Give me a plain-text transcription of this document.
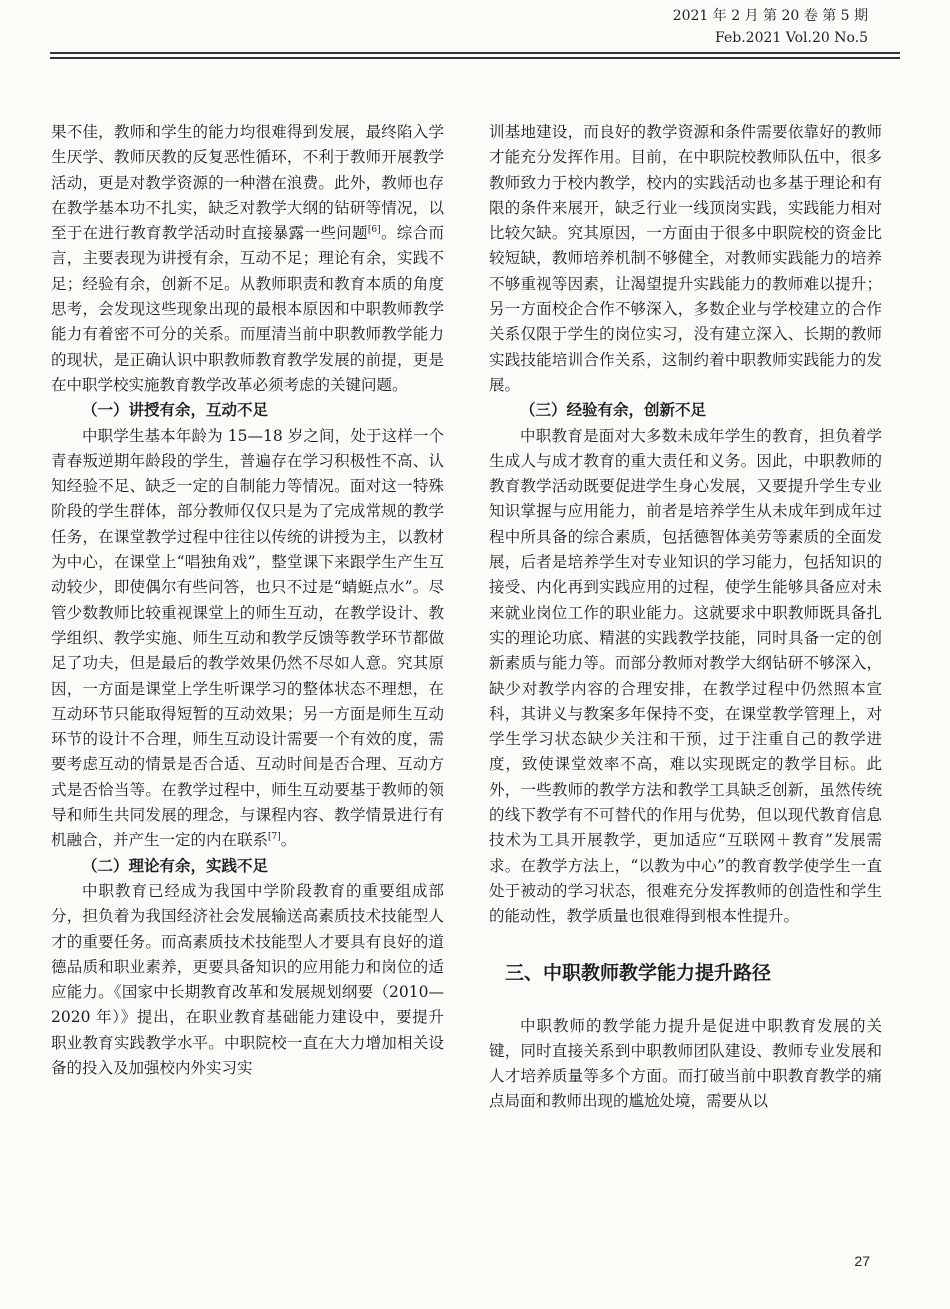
2021 年 2 月 第 20 卷 第 5 期
Feb.2021 Vol.20 No.5

果不佳，教师和学生的能力均很难得到发展，最终陷入学生厌学、教师厌教的反复恶性循环，不利于教师开展教学活动，更是对教学资源的一种潜在浪费。此外，教师也存在教学基本功不扎实，缺乏对教学大纲的钻研等情况，以至于在进行教育教学活动时直接暴露一些问题[6]。综合而言，主要表现为讲授有余，互动不足；理论有余，实践不足；经验有余，创新不足。从教师职责和教育本质的角度思考，会发现这些现象出现的最根本原因和中职教师教学能力有着密不可分的关系。而厘清当前中职教师教学能力的现状，是正确认识中职教师教育教学发展的前提，更是在中职学校实施教育教学改革必须考虑的关键问题。

（一）讲授有余，互动不足

中职学生基本年龄为 15—18 岁之间，处于这样一个青春叛逆期年龄段的学生，普遍存在学习积极性不高、认知经验不足、缺乏一定的自制能力等情况。面对这一特殊阶段的学生群体，部分教师仅仅只是为了完成常规的教学任务，在课堂教学过程中往往以传统的讲授为主，以教材为中心，在课堂上“唱独角戏”，整堂课下来跟学生产生互动较少，即使偶尔有些问答，也只不过是“蜻蜓点水”。尽管少数教师比较重视课堂上的师生互动，在教学设计、教学组织、教学实施、师生互动和教学反馈等教学环节都做足了功夫，但是最后的教学效果仍然不尽如人意。究其原因，一方面是课堂上学生听课学习的整体状态不理想，在互动环节只能取得短暂的互动效果；另一方面是师生互动环节的设计不合理，师生互动设计需要一个有效的度，需要考虑互动的情景是否合适、互动时间是否合理、互动方式是否恰当等。在教学过程中，师生互动要基于教师的领导和师生共同发展的理念，与课程内容、教学情景进行有机融合，并产生一定的内在联系[7]。

（二）理论有余，实践不足

中职教育已经成为我国中学阶段教育的重要组成部分，担负着为我国经济社会发展输送高素质技术技能型人才的重要任务。而高素质技术技能型人才要具有良好的道德品质和职业素养，更要具备知识的应用能力和岗位的适应能力。《国家中长期教育改革和发展规划纲要（2010—2020 年）》提出，在职业教育基础能力建设中，要提升职业教育实践教学水平。中职院校一直在大力增加相关设备的投入及加强校内外实习实

训基地建设，而良好的教学资源和条件需要依靠好的教师才能充分发挥作用。目前，在中职院校教师队伍中，很多教师致力于校内教学，校内的实践活动也多基于理论和有限的条件来展开，缺乏行业一线顶岗实践，实践能力相对比较欠缺。究其原因，一方面由于很多中职院校的资金比较短缺，教师培养机制不够健全，对教师实践能力的培养不够重视等因素，让渴望提升实践能力的教师难以提升；另一方面校企合作不够深入，多数企业与学校建立的合作关系仅限于学生的岗位实习，没有建立深入、长期的教师实践技能培训合作关系，这制约着中职教师实践能力的发展。

（三）经验有余，创新不足

中职教育是面对大多数未成年学生的教育，担负着学生成人与成才教育的重大责任和义务。因此，中职教师的教育教学活动既要促进学生身心发展，又要提升学生专业知识掌握与应用能力，前者是培养学生从未成年到成年过程中所具备的综合素质，包括德智体美劳等素质的全面发展，后者是培养学生对专业知识的学习能力，包括知识的接受、内化再到实践应用的过程，使学生能够具备应对未来就业岗位工作的职业能力。这就要求中职教师既具备扎实的理论功底、精湛的实践教学技能，同时具备一定的创新素质与能力等。而部分教师对教学大纲钻研不够深入，缺少对教学内容的合理安排，在教学过程中仍然照本宣科，其讲义与教案多年保持不变，在课堂教学管理上，对学生学习状态缺少关注和干预，过于注重自己的教学进度，致使课堂效率不高，难以实现既定的教学目标。此外，一些教师的教学方法和教学工具缺乏创新，虽然传统的线下教学有不可替代的作用与优势，但以现代教育信息技术为工具开展教学，更加适应“互联网＋教育”发展需求。在教学方法上，“以教为中心”的教育教学使学生一直处于被动的学习状态，很难充分发挥教师的创造性和学生的能动性，教学质量也很难得到根本性提升。

三、中职教师教学能力提升路径

中职教师的教学能力提升是促进中职教育发展的关键，同时直接关系到中职教师团队建设、教师专业发展和人才培养质量等多个方面。而打破当前中职教育教学的痛点局面和教师出现的尴尬处境，需要从以

27
